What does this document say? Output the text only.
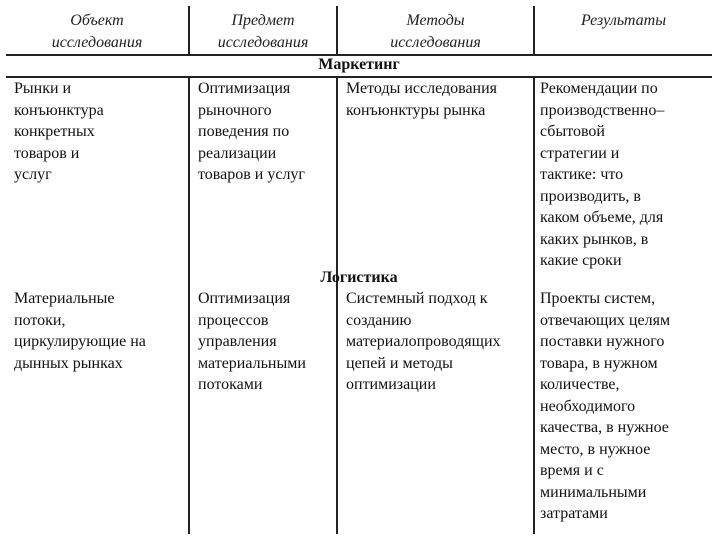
Объект
исследования
Предмет
исследования
Методы
исследования
Результаты
Маркетинг
Рынки и
конъюнктура
конкретных
товаров и
услуг
Оптимизация
рыночного
поведения по
реализации
товаров и услуг
Методы исследования
конъюнктуры рынка
Рекомендации по
производственно–
сбытовой
стратегии и
тактике: что
производить, в
каком объеме, для
каких рынков, в
какие сроки
Логистика
Материальные
потоки,
циркулирующие на
дынных рынках
Оптимизация
процессов
управления
материальными
потоками
Системный подход к
созданию
материалопроводящих
цепей и методы
оптимизации
Проекты систем,
отвечающих целям
поставки нужного
товара, в нужном
количестве,
необходимого
качества, в нужное
место, в нужное
время и с
минимальными
затратами
